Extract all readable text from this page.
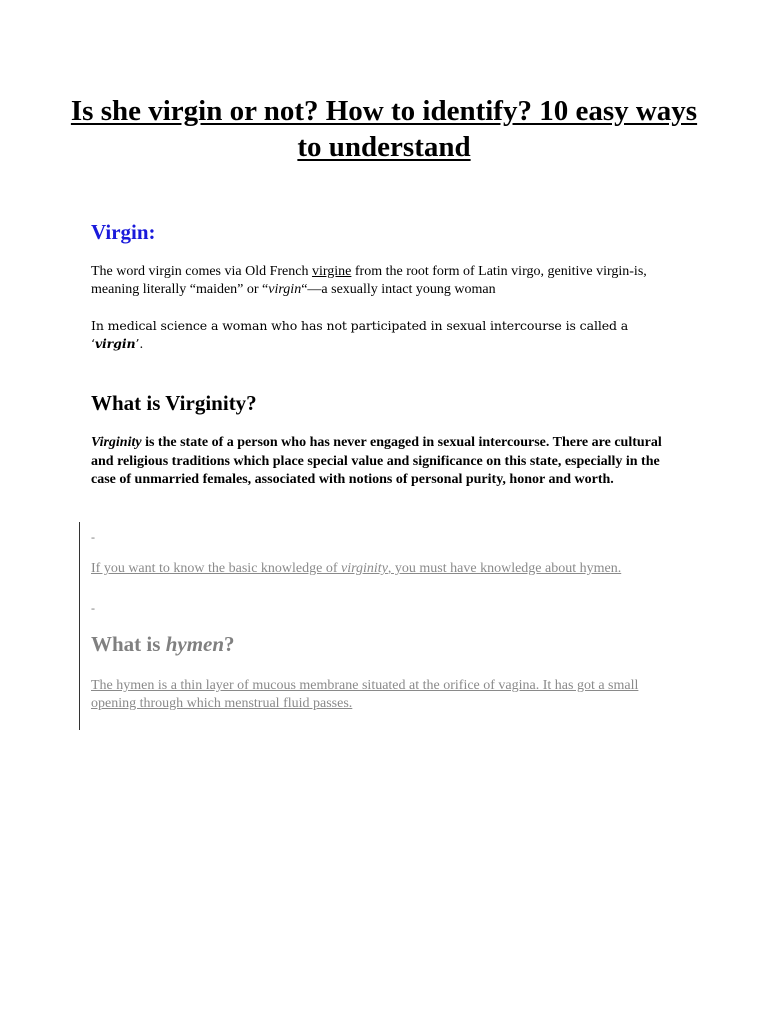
Is she virgin or not? How to identify? 10 easy ways to understand
Virgin:

The word virgin comes via Old French virgine from the root form of Latin virgo, genitive virgin-is, meaning literally “maiden” or “virgin“—a sexually intact young woman

In medical science a woman who has not participated in sexual intercourse is called a ‘virgin’.

What is Virginity?

Virginity is the state of a person who has never engaged in sexual intercourse. There are cultural and religious traditions which place special value and significance on this state, especially in the case of unmarried females, associated with notions of personal purity, honor and worth.

-

If you want to know the basic knowledge of virginity, you must have knowledge about hymen.

-
What is hymen?

The hymen is a thin layer of mucous membrane situated at the orifice of vagina. It has got a small opening through which menstrual fluid passes.
